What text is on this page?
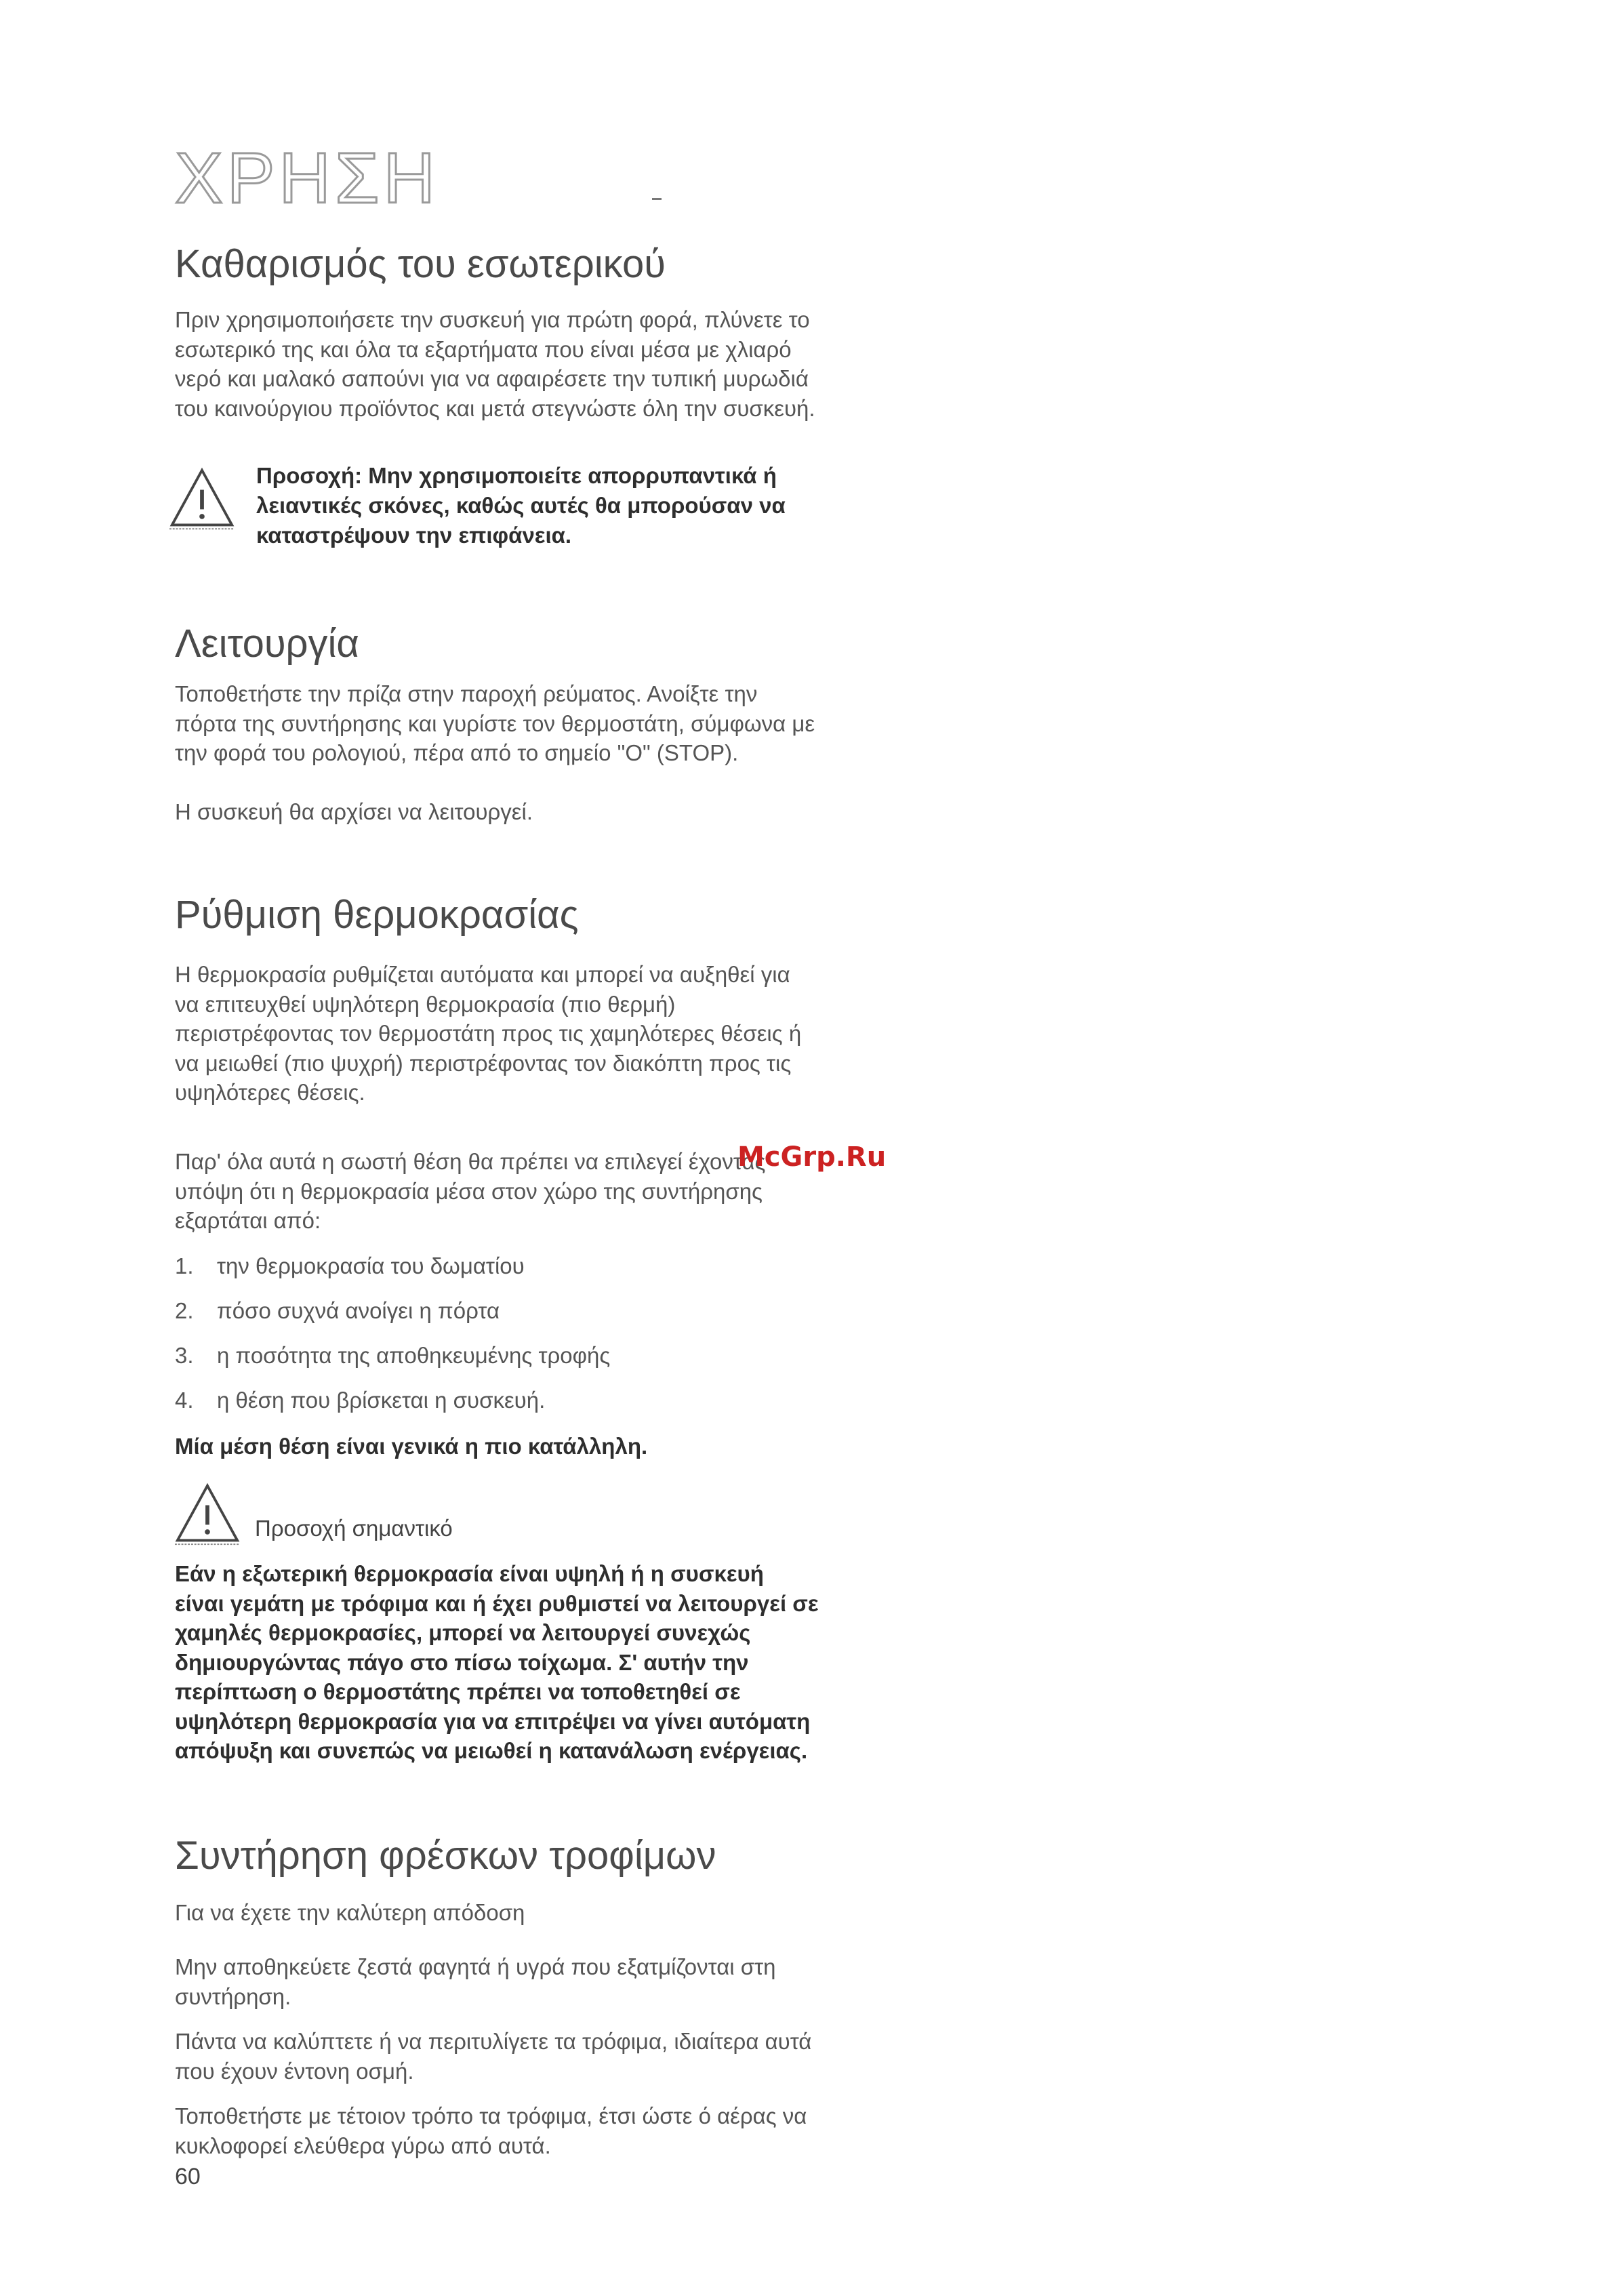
ΧΡΗΣΗ
Καθαρισμός του εσωτερικού

Πριν χρησιμοποιήσετε την συσκευή για πρώτη φορά, πλύνετε το εσωτερικό της και όλα τα εξαρτήματα που είναι μέσα με χλιαρό νερό και μαλακό σαπούνι για να αφαιρέσετε την τυπική μυρωδιά του καινούργιου προϊόντος και μετά στεγνώστε όλη την συσκευή.

Προσοχή: Μην χρησιμοποιείτε απορρυπαντικά ή λειαντικές σκόνες, καθώς αυτές θα μπορούσαν να καταστρέψουν την επιφάνεια.
Λειτουργία

Τοποθετήστε την πρίζα στην παροχή ρεύματος. Ανοίξτε την πόρτα της συντήρησης και γυρίστε τον θερμοστάτη, σύμφωνα με την φορά του ρολογιού, πέρα από το σημείο "Ο" (STOP).

Η συσκευή θα αρχίσει να λειτουργεί.

Ρύθμιση θερμοκρασίας

Η θερμοκρασία ρυθμίζεται αυτόματα και μπορεί να αυξηθεί για να επιτευχθεί υψηλότερη θερμοκρασία (πιο θερμή) περιστρέφοντας τον θερμοστάτη προς τις χαμηλότερες θέσεις ή να μειωθεί (πιο ψυχρή) περιστρέφοντας τον διακόπτη προς τις υψηλότερες θέσεις.

Παρ' όλα αυτά η σωστή θέση θα πρέπει να επιλεγεί έχοντας υπόψη ότι η θερμοκρασία μέσα στον χώρο της συντήρησης εξαρτάται από:

McGrp.Ru
1. την θερμοκρασία του δωματίου
2. πόσο συχνά ανοίγει η πόρτα
3. η ποσότητα της αποθηκευμένης τροφής
4. η θέση που βρίσκεται η συσκευή.

Μία μέση θέση είναι γενικά η πιο κατάλληλη.

Προσοχή σημαντικό

Εάν η εξωτερική θερμοκρασία είναι υψηλή ή η συσκευή είναι γεμάτη με τρόφιμα και ή έχει ρυθμιστεί να λειτουργεί σε χαμηλές θερμοκρασίες, μπορεί να λειτουργεί συνεχώς δημιουργώντας πάγο στο πίσω τοίχωμα. Σ' αυτήν την περίπτωση ο θερμοστάτης πρέπει να τοποθετηθεί σε υψηλότερη θερμοκρασία για να επιτρέψει να γίνει αυτόματη απόψυξη και συνεπώς να μειωθεί η κατανάλωση ενέργειας.

Συντήρηση φρέσκων τροφίμων

Για να έχετε την καλύτερη απόδοση

Μην αποθηκεύετε ζεστά φαγητά ή υγρά που εξατμίζονται στη συντήρηση.

Πάντα να καλύπτετε ή να περιτυλίγετε τα τρόφιμα, ιδιαίτερα αυτά που έχουν έντονη οσμή.

Τοποθετήστε με τέτοιον τρόπο τα τρόφιμα, έτσι ώστε ό αέρας να κυκλοφορεί ελεύθερα γύρω από αυτά.

60
